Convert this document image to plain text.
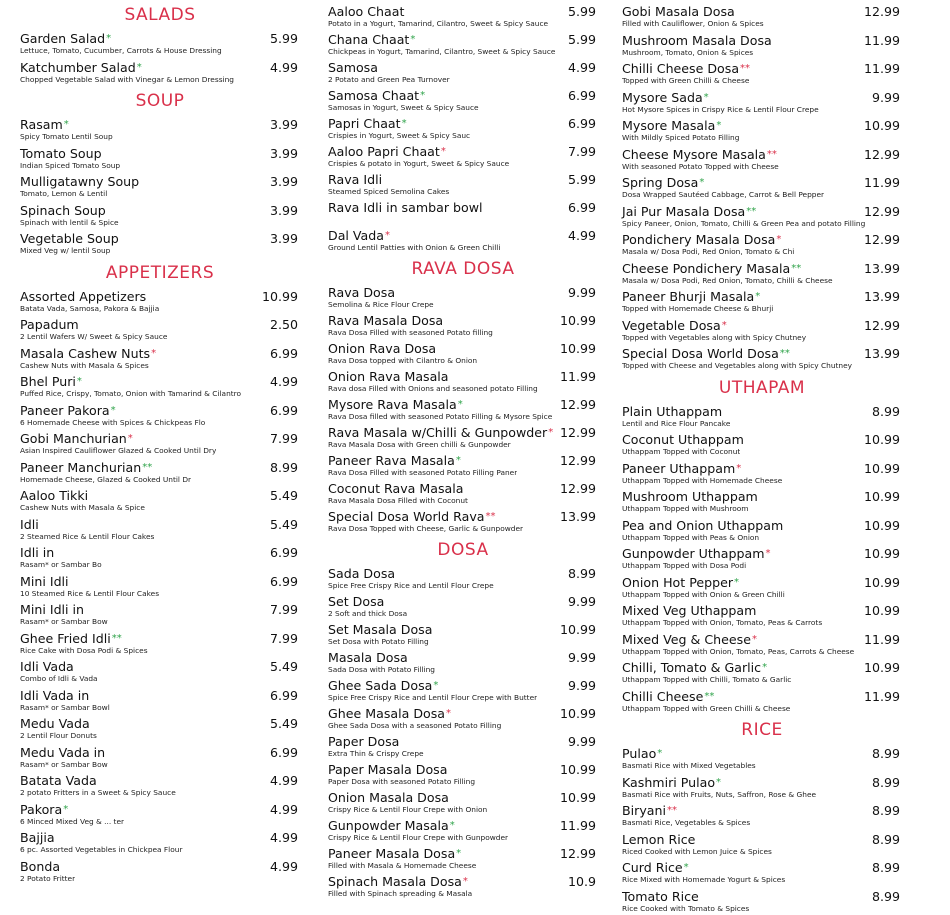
SALADS
Garden Salad*	5.99
Lettuce, Tomato, Cucumber, Carrots & House Dressing
Katchumber Salad*	4.99
Chopped Vegetable Salad with Vinegar & Lemon Dressing
SOUP
Rasam*	3.99
Spicy Tomato Lentil Soup
Tomato Soup	3.99
Indian Spiced Tomato Soup
Mulligatawny Soup	3.99
Tomato, Lemon & Lentil
Spinach Soup	3.99
Spinach with lentil & Spice
Vegetable Soup	3.99
Mixed Veg w/ lentil Soup
APPETIZERS
Assorted Appetizers	10.99
Batata Vada, Samosa, Pakora & Bajjia
Papadum	2.50
2 Lentil Wafers W/ Sweet & Spicy Sauce
Masala Cashew Nuts*	6.99
Cashew Nuts with Masala & Spices
Bhel Puri*	4.99
Puffed Rice, Crispy, Tomato, Onion with Tamarind & Cilantro
Paneer Pakora*	6.99
6 Homemade Cheese with Spices & Chickpeas Flo
Gobi Manchurian*	7.99
Asian Inspired Cauliflower Glazed & Cooked Until Dry
Paneer Manchurian**	8.99
Homemade Cheese, Glazed & Cooked Until Dr
Aaloo Tikki	5.49
Cashew Nuts with Masala & Spice
Idli	5.49
2 Steamed Rice & Lentil Flour Cakes
Idli in	6.99
Rasam* or Sambar Bo
Mini Idli	6.99
10 Steamed Rice & Lentil Flour Cakes
Mini Idli in	7.99
Rasam* or Sambar Bow
Ghee Fried Idli**	7.99
Rice Cake with Dosa Podi & Spices
Idli Vada	5.49
Combo of Idli & Vada
Idli Vada in	6.99
Rasam* or Sambar Bowl
Medu Vada	5.49
2 Lentil Flour Donuts
Medu Vada in	6.99
Rasam* or Sambar Bow
Batata Vada	4.99
2 potato Fritters in a Sweet & Spicy Sauce
Pakora*	4.99
6 Minced Mixed Veg & ... ter
Bajjia	4.99
6 pc. Assorted Vegetables in Chickpea Flour
Bonda	4.99
2 Potato Fritter
Aaloo Chaat	5.99
Potato in a Yogurt, Tamarind, Cilantro, Sweet & Spicy Sauce
Chana Chaat*	5.99
Chickpeas in Yogurt, Tamarind, Cilantro, Sweet & Spicy Sauce
Samosa	4.99
2 Potato and Green Pea Turnover
Samosa Chaat*	6.99
Samosas in Yogurt, Sweet & Spicy Sauce
Papri Chaat*	6.99
Crispies in Yogurt, Sweet & Spicy Sauc
Aaloo Papri Chaat*	7.99
Crispies & potato in Yogurt, Sweet & Spicy Sauce
Rava Idli	5.99
Steamed Spiced Semolina Cakes
Rava Idli in sambar bowl	6.99
Dal Vada*	4.99
Ground Lentil Patties with Onion & Green Chilli
RAVA DOSA
Rava Dosa	9.99
Semolina & Rice Flour Crepe
Rava Masala Dosa	10.99
Rava Dosa Filled with seasoned Potato filling
Onion Rava Dosa	10.99
Rava Dosa topped with Cilantro & Onion
Onion Rava Masala	11.99
Rava dosa Filled with Onions and seasoned potato Filling
Mysore Rava Masala*	12.99
Rava Dosa filled with seasoned Potato Filling & Mysore Spice
Rava Masala w/Chilli & Gunpowder* 12.99
Rava Masala Dosa with Green chilli & Gunpowder
Paneer Rava Masala*	12.99
Rava Dosa Filled with seasoned Potato Filling Paner
Coconut Rava Masala	12.99
Rava Masala Dosa Filled with Coconut
Special Dosa World Rava**	13.99
Rava Dosa Topped with Cheese, Garlic & Gunpowder
DOSA
Sada Dosa	8.99
Spice Free Crispy Rice and Lentil Flour Crepe
Set Dosa	9.99
2 Soft and thick Dosa
Set Masala Dosa	10.99
Set Dosa with Potato Filling
Masala Dosa	9.99
Sada Dosa with Potato Filling
Ghee Sada Dosa*	9.99
Spice Free Crispy Rice and Lentil Flour Crepe with Butter
Ghee Masala Dosa*	10.99
Ghee Sada Dosa with a seasoned Potato Filling
Paper Dosa	9.99
Extra Thin & Crispy Crepe
Paper Masala Dosa	10.99
Paper Dosa with seasoned Potato Filling
Onion Masala Dosa	10.99
Crispy Rice & Lentil Flour Crepe with Onion
Gunpowder Masala*	11.99
Crispy Rice & Lentil Flour Crepe with Gunpowder
Paneer Masala Dosa*	12.99
Filled with Masala & Homemade Cheese
Spinach Masala Dosa*	10.9
Filled with Spinach spreading & Masala
Gobi Masala Dosa	12.99
Filled with Cauliflower, Onion & Spices
Mushroom Masala Dosa	11.99
Mushroom, Tomato, Onion & Spices
Chilli Cheese Dosa**	11.99
Topped with Green Chilli & Cheese
Mysore Sada*	9.99
Hot Mysore Spices in Crispy Rice & Lentil Flour Crepe
Mysore Masala*	10.99
With Mildly Spiced Potato Filling
Cheese Mysore Masala**	12.99
With seasoned Potato Topped with Cheese
Spring Dosa*	11.99
Dosa Wrapped Sautéed Cabbage, Carrot & Bell Pepper
Jai Pur Masala Dosa**	12.99
Spicy Paneer, Onion, Tomato, Chilli & Green Pea and potato Filling
Pondichery Masala Dosa*	12.99
Masala w/ Dosa Podi, Red Onion, Tomato & Chi
Cheese Pondichery Masala**	13.99
Masala w/ Dosa Podi, Red Onion, Tomato, Chilli & Cheese
Paneer Bhurji Masala*	13.99
Topped with Homemade Cheese & Bhurji
Vegetable Dosa*	12.99
Topped with Vegetables along with Spicy Chutney
Special Dosa World Dosa**	13.99
Topped with Cheese and Vegetables along with Spicy Chutney
UTHAPAM
Plain Uthappam	8.99
Lentil and Rice Flour Pancake
Coconut Uthappam	10.99
Uthappam Topped with Coconut
Paneer Uthappam*	10.99
Uthappam Topped with Homemade Cheese
Mushroom Uthappam	10.99
Uthappam Topped with Mushroom
Pea and Onion Uthappam	10.99
Uthappam Topped with Peas & Onion
Gunpowder Uthappam*	10.99
Uthappam Topped with Dosa Podi
Onion Hot Pepper*	10.99
Uthappam Topped with Onion & Green Chilli
Mixed Veg Uthappam	10.99
Uthappam Topped with Onion, Tomato, Peas & Carrots
Mixed Veg & Cheese*	11.99
Uthappam Topped with Onion, Tomato, Peas, Carrots & Cheese
Chilli, Tomato & Garlic*	10.99
Uthappam Topped with Chilli, Tomato & Garlic
Chilli Cheese**	11.99
Uthappam Topped with Green Chilli & Cheese
RICE
Pulao*	8.99
Basmati Rice with Mixed Vegetables
Kashmiri Pulao*	8.99
Basmati Rice with Fruits, Nuts, Saffron, Rose & Ghee
Biryani**	8.99
Basmati Rice, Vegetables & Spices
Lemon Rice	8.99
Riced Cooked with Lemon Juice & Spices
Curd Rice*	8.99
Rice Mixed with Homemade Yogurt & Spices
Tomato Rice	8.99
Rice Cooked with Tomato & Spices
